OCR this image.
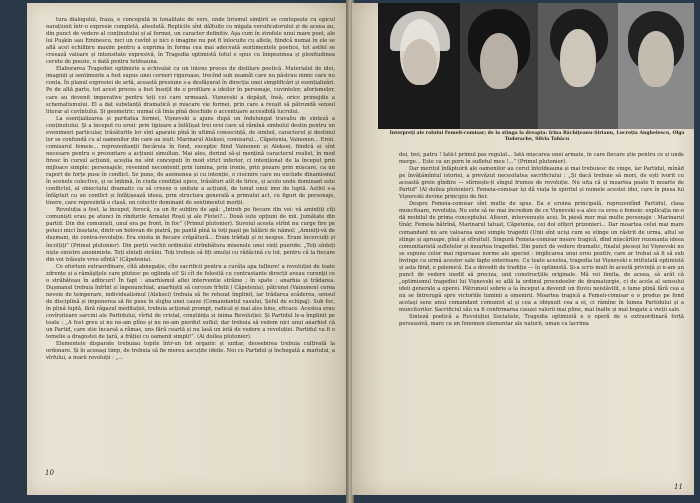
tura dialogului, fraza, e concepută în tonalitate de vers, unde lirismul simțirii se contopește cu epicul narațiunii într-o expresie completă, absolută. Replicile sînt dăltuite cu migala versificatorului și de aceea au, din punct de vedere al conținutului și al formei, un caracter definitiv. Aşa cum în strofele unui mare poet, ale lui Puşkin sau Eminescu, nici un cuvînt şi nici o imagine nu pot fi înlocuite cu altele, fiindcă numai în ele se află acel echilibru maxim pentru a exprima în forma cea mai adecvată sentimentele poetice, tot astfel se creează valoare și intensitate expresivă, în Tragedia optimistă totul e spus cu limpezimea și plenitudinea cerute de poezie, o dată pentru totdeauna.

Elaborarea Tragediei optimiste a echivalat cu un intens proces de distilare poetică. Materialul de idei, imaginii și sentimente a fost supus unei cerneri riguroase, trecînd sub zeamăt care nu păstrau nimic care nu conta. În planul expresiei de artă, această presiune s-a desfășurat în direcția unei simplificări și esențializări. Pe de altă parte, tot acest proces a fost însoțit de o profilare a ideilor în personaje, cuvintelor, aforismelor, care au devenit imperative pentru toți cei care urmează. Vișnevski a depășit, însă, orice primejdie a schematismului. El a dat substanță dramatică și mișcare vie formei, prin care a reușit să pătrundă sensul literar al cuvîntului. Și geometric: numai că linia pînă deschide o accentuare accesibilă lucrului.

La esențializarea și puritatea formei, Vișnevski a ajuns după un îndelungat travaliu de sinteză a conținutului. Și a început cu eroii: prin tipizare a înfățișat trei eroi care să rămînă simbolul destin pentru un eveniment particular, trăsăturile lor sînt aparate pînă în ultimă consecință, de simbol, caracterul și destinul lor se confundă cu al oamenilor din care au ieșit. Marinarul Aleksei, comisarul... Căpetenia, Vainonen... Eroii, comisarul femeie... reprezentanții fiecăruia în fond, excepție fiind Vainonen și Aleksei, fiindcă ei sînt necesare pentru o prezentare a acțiunii simultan. Mai ales, dorind să-și mențină caracterul realist, în mod firesc în cursul acțiunii, aceștia nu sînt concepuți în mod strict inferior, ci intenționat de la început prin mijloace simple: personajele, revenind necontenit prin lumina, prin ironie, prin pozare prin mișcare, ca un raport de forțe puse în conflict. Se pune, de asemenea și cu intenție, o ciocnire care nu exclude dinamismul în scenele colective, și se îmbină, în ciuda condiției epice, trăsături atît de lirice, și acolo unde dominant este conflictul, al obiectului dramatic ca să creeze o unitate a acțiunii, de tonul unui imn de luptă. Astfel s-a înfăptuit cu un conflict și înfățișează ideea, prin structura generală a primului act, cu figuri de personaje, tinere, care reprezintă o clasă, un colectiv dominant de sentimentul morții.

Revoluția a fost, la început, ferocă, ca un fir subțire de apă: „Intreb pe fiecare din voi: vă amintiți cîți comuniști erau pe atunci în rîndurile Armatei Roșii și ale Flotei?... Două sute opțiuni de mii. Jumătate din partid. Din doi comuniști, unul era pe front, în foc” (Primul plutonier). Suvoiul acesta strînt nu curge fire pe poteci mici însetate, dintr-un bolovan de piatră, pe pantă pînă la toți pașii pe bălării de nămol: „Aminiți-vă de dușmani, de contra-revoluție. Era exista in fiecare crăpătură... Eram trădați și ni nespus. Eram încercuiți și încolțiți” (Primul plutonier). Din porții vechii ordinului strîmbătura misenele unei vieți pueride: „Toți sînteți niște sinistre anonimiste. Toți sînteți străini. Toți trebuie să fiți smulși cu rădăcină cu tot, pentru că la fiecare din voi trăiește vreo sfîntă” (Căpetenia).

Ce efortuni extraordinare, cîtă abnegație, cîte sacrificii pentru a curăța apa tulbure! a revoluției de toate zdrențe și a rămăşiţele care plutesc pe oglinda ei! Și cît de folosită cu contrastante direcții aveau curenţii ce o străbăteau în adîncuri! În fapt : anarhismul altei interventie străine ; în spate : anarhia și trădarea. Dușmanul trebuia înfrînt și îngenunchiat, anarhiştii să cerceze frîntii ( Căpetenia), pătrunși (Vainonen) cerea nevoie de temperare, individualismul (Aleksei) trebuia să fie retezat împlinit, iar trădarea scăderea, sensul de disciplină și impunerea să fie puse în slujba unei cauze (Comandantul vasului, Șeful de echipaj). Sub foc, în plină luptă, fără răgazul meditației, trebuia acționat prompt, radical și mai ales bine, eficace. Acestea erau covîrșitoare sarcini ale Partidului, vîrful de cristal, conștiința și inima Revoluției: Și Partidul le-a împlinit pe toate : „A fost greu și nu ne-am plîns și nu ne-am pierdut suflul; dar trebuia să vedem nici unui anarhist că un Partid, care stie încarsă a rămas, uns fără ceartă și nu lasă un iotă de vedere a revoluției. Partidul va fi o temelie a dragostei de țară, a frăției cu oamenii simpli!”. (Al doilea plutonier).

Elementele disparate trebuiau topite într-un tot organic și unitar, deosebirea trebuia cultivată la ordonare. Și în aceeași timp, de trebuia să fie mereu ascuțite ideile. Noi cu Partidul și închegată a mariului, a vîrfului, a marii revoluții : „...

10
Interpreți ale rolului Femeii-comisar; de la stînga la dreapta: Irina Răchițeanu-Șirianu, Lucreția Anghelescu, Olga Tudorache, Silvia Tabăcu

doi, trei, patru ! Iată-l primul pas regulat... Iată mișcarea unei armate, în care fiecare știe pentru ce și unde merge... Este ca un porn în sufletul meu !...” (Primul plutonier).

Dar meritul înfăptuirii ale oamenilor au cerut întotdeauna și mai trebuiesc de vinge, iar Partidul, mînăd pe învățămîntul istoriei, a prevăzut necesitatea sacrificiului : „Și dacă trebuie să mori, de ești ivorit cu această greie gîndire — stîrnește-ți sîngul frumos de revoluție. Nu uita că și moartea poate fi moarte de Partid” (Al doilea plutonier). Femeia-comisar își dă viața în spiritul și numele acestei idei, care în piesa lui Vișnevski devine principiu de fier.

Despre Femeia-comisar sînt multe de spus. Ea e eroina principală, reprezentînd Partidul, clasa muncitoare, revoluția. Nu este să ne mai încredem de ce Vișnevski s-a ales ca erou o femeie: explicația ne-o dă mobilul de prima conceptului. Alteori, intervenuște acei. În piesă mor mai multe personaje : Marinarul tînăr, Femeia bătrînă, Marinarul tatuat, Căpetenia, cei doi ofițeri prizonieri... Dar moartea celui mai mare comandant nu are valoarea unei simple tragedii (Unii sînt uciși cum se stinge un răstrit de urma, altul se stinge și aproape, pînă și sfîrșitul). Singură Femeia-comisar moare tragică, dînd mișcărilor rezonanța ideea comunitaristă sufletelor și moartea tragediei. Din punct de vedere dramatic, finalul pieseși lui Vișnevski nu se supune celor mai riguroase norme ale speciei : implicarea unui erou pozitiv, care ar trebui să fi să sub învinge ca urmă acestor sale fapte exterioare. Cu toate acestea, tragedia lui Vișnevski e intitulată optimistă și asta fiind, o polemică. Ea a dovedit de tradiție — în optimistă. Și-a scris mult în acestă privință și n-am un punct de vedere inedit să preciza, unii construcțiile originale. Mă voi limita, de aceea, să arăt că „optimismul tragediei lui Vișnevski se află la ordinul procedeelor de dramaturgie, ci de acela al sensului ideii generale a operei. Pătrunsul sobrie a la început a devenit un fluviu neistăvilit, o lume plină fără cea a nu se întrerupă spre victoriile luminii a omenirii. Moartea tragică a Femeii-comisar e o produs pe fond același sens unui comandant comunist al și cea a obișnuit cea a ei, ci rămîne în lumea Partidului și a muncitorilor. Sacrificiul său va fi confirmarea cauzei valorii mai pline, mai înalte și mai bogate a vieții sale.

Sinteză poetică a Revoluției Socialiste, Tragedia optimistă e o operă de o extraordinară forță persuasivă, mare ca un fenomen elementar ale naturii, uman ca lacrima

11
